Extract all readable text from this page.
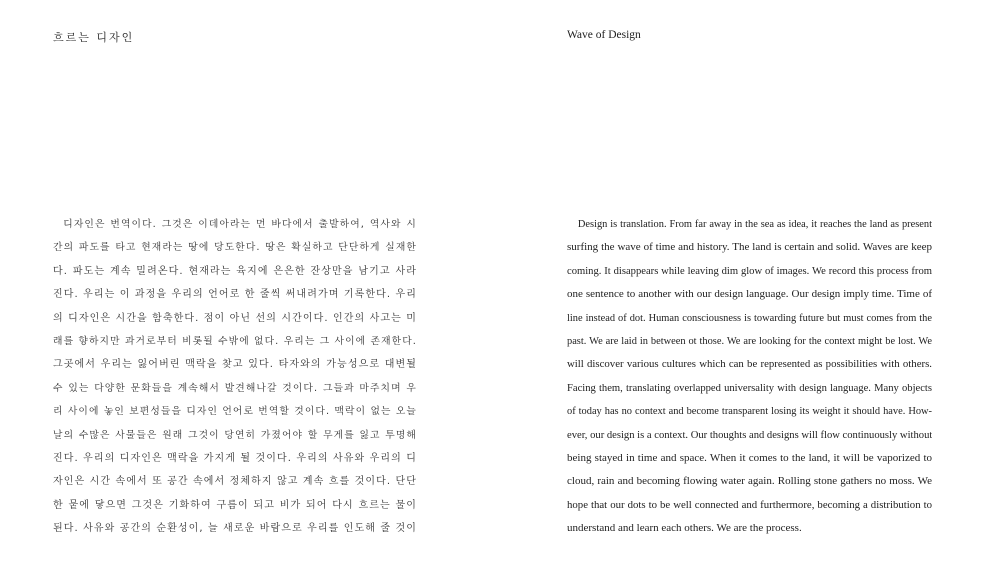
흐르는 디자인
디자인은 번역이다. 그것은 이데아라는 먼 바다에서 출발하여, 역사와 시
간의 파도를 타고 현재라는 땅에 당도한다. 땅은 확실하고 단단하게 실재한
다. 파도는 계속 밀려온다. 현재라는 육지에 은은한 잔상만을 남기고 사라
진다. 우리는 이 과정을 우리의 언어로 한 줄씩 써내려가며 기록한다. 우리
의 디자인은 시간을 함축한다. 점이 아닌 선의 시간이다. 인간의 사고는 미
래를 향하지만 과거로부터 비롯될 수밖에 없다. 우리는 그 사이에 존재한다.
그곳에서 우리는 잃어버린 맥락을 찾고 있다. 타자와의 가능성으로 대변될
수 있는 다양한 문화들을 계속해서 발견해나갈 것이다. 그들과 마주치며 우
리 사이에 놓인 보편성들을 디자인 언어로 번역할 것이다. 맥락이 없는 오늘
날의 수많은 사물들은 원래 그것이 당연히 가졌어야 할 무게를 잃고 투명해
진다. 우리의 디자인은 맥락을 가지게 될 것이다. 우리의 사유와 우리의 디
자인은 시간 속에서 또 공간 속에서 정체하지 않고 계속 흐를 것이다. 단단
한 뭍에 닿으면 그것은 기화하여 구름이 되고 비가 되어 다시 흐르는 물이
된다. 사유와 공간의 순환성이, 늘 새로운 바람으로 우리를 인도해 줄 것이
Wave of Design
Design is translation. From far away in the sea as idea, it reaches the land as present
surfing the wave of time and history. The land is certain and solid. Waves are keep
coming. It disappears while leaving dim glow of images. We record this process from
one sentence to another with our design language. Our design imply time. Time of
line instead of dot. Human consciousness is towarding future but must comes from the
past. We are laid in between ot those. We are looking for the context might be lost. We
will discover various cultures which can be represented as possibilities with others.
Facing them, translating overlapped universality with design language. Many objects
of today has no context and become transparent losing its weight it should have. How-
ever, our design is a context. Our thoughts and designs will flow continuously without
being stayed in time and space. When it comes to the land, it will be vaporized to
cloud, rain and becoming flowing water again. Rolling stone gathers no moss. We
hope that our dots to be well connected and furthermore, becoming a distribution to
understand and learn each others. We are the process.
